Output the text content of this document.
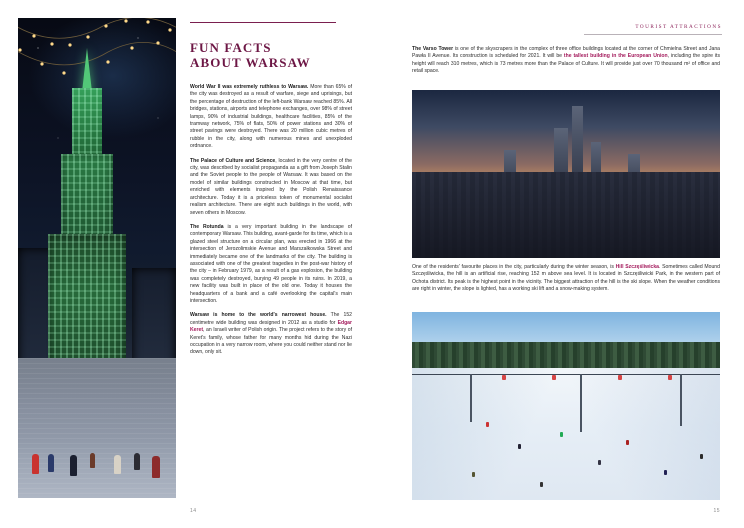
FUN FACTS
ABOUT WARSAW

World War II was extremely ruthless to Warsaw. More than 65% of the city was destroyed as a result of warfare, siege and uprisings, but the percentage of destruction of the left-bank Warsaw reached 85%. All bridges, stations, airports and telephone exchanges, over 98% of street lamps, 90% of industrial buildings, healthcare facilities, 85% of the tramway network, 75% of flats, 50% of power stations and 30% of street pavings were destroyed. There was 20 million cubic metres of rubble in the city, along with numerous mines and unexploded ordnance.

The Palace of Culture and Science, located in the very centre of the city, was described by socialist propaganda as a gift from Joseph Stalin and the Soviet people to the people of Warsaw. It was based on the model of similar buildings constructed in Moscow at that time, but enriched with elements inspired by the Polish Renaissance architecture. Today it is a priceless token of monumental socialist realism architecture. There are eight such buildings in the world, with seven others in Moscow.

The Rotunda is a very important building in the landscape of contemporary Warsaw. This building, avant-garde for its time, which is a glazed steel structure on a circular plan, was erected in 1966 at the intersection of Jerozolimskie Avenue and Marszałkowska Street and immediately became one of the landmarks of the city. The building is associated with one of the greatest tragedies in the post-war history of the city – in February 1979, as a result of a gas explosion, the building was completely destroyed, burying 49 people in its ruins. In 2019, a new facility was built in place of the old one. Today it houses the headquarters of a bank and a café overlooking the capital's main intersection.

Warsaw is home to the world's narrowest house. The 152 centimetre wide building was designed in 2012 as a studio for Edgar Keret, an Israeli writer of Polish origin. The project refers to the story of Keret's family, whose father for many months hid during the Nazi occupation in a very narrow room, where you could neither stand nor lie down, only sit.

14
TOURIST ATTRACTIONS
The Varso Tower is one of the skyscrapers in the complex of three office buildings located at the corner of Chmielna Street and Jana Pawła II Avenue. Its construction is scheduled for 2021. It will be the tallest building in the European Union, including the spire its height will reach 310 metres, which is 73 metres more than the Palace of Culture. It will provide just over 70 thousand m² of office and retail space.
One of the residents' favourite places in the city, particularly during the winter season, is Hill Szczęśliwicka. Sometimes called Mound Szczęśliwicka, the hill is an artificial rise, reaching 152 m above sea level. It is located in Szczęśliwicki Park, in the western part of Ochota district. Its peak is the highest point in the vicinity. The biggest attraction of the hill is the ski slope. When the weather conditions are right in winter, the slope is lighted, has a working ski lift and a snow-making system.
15
